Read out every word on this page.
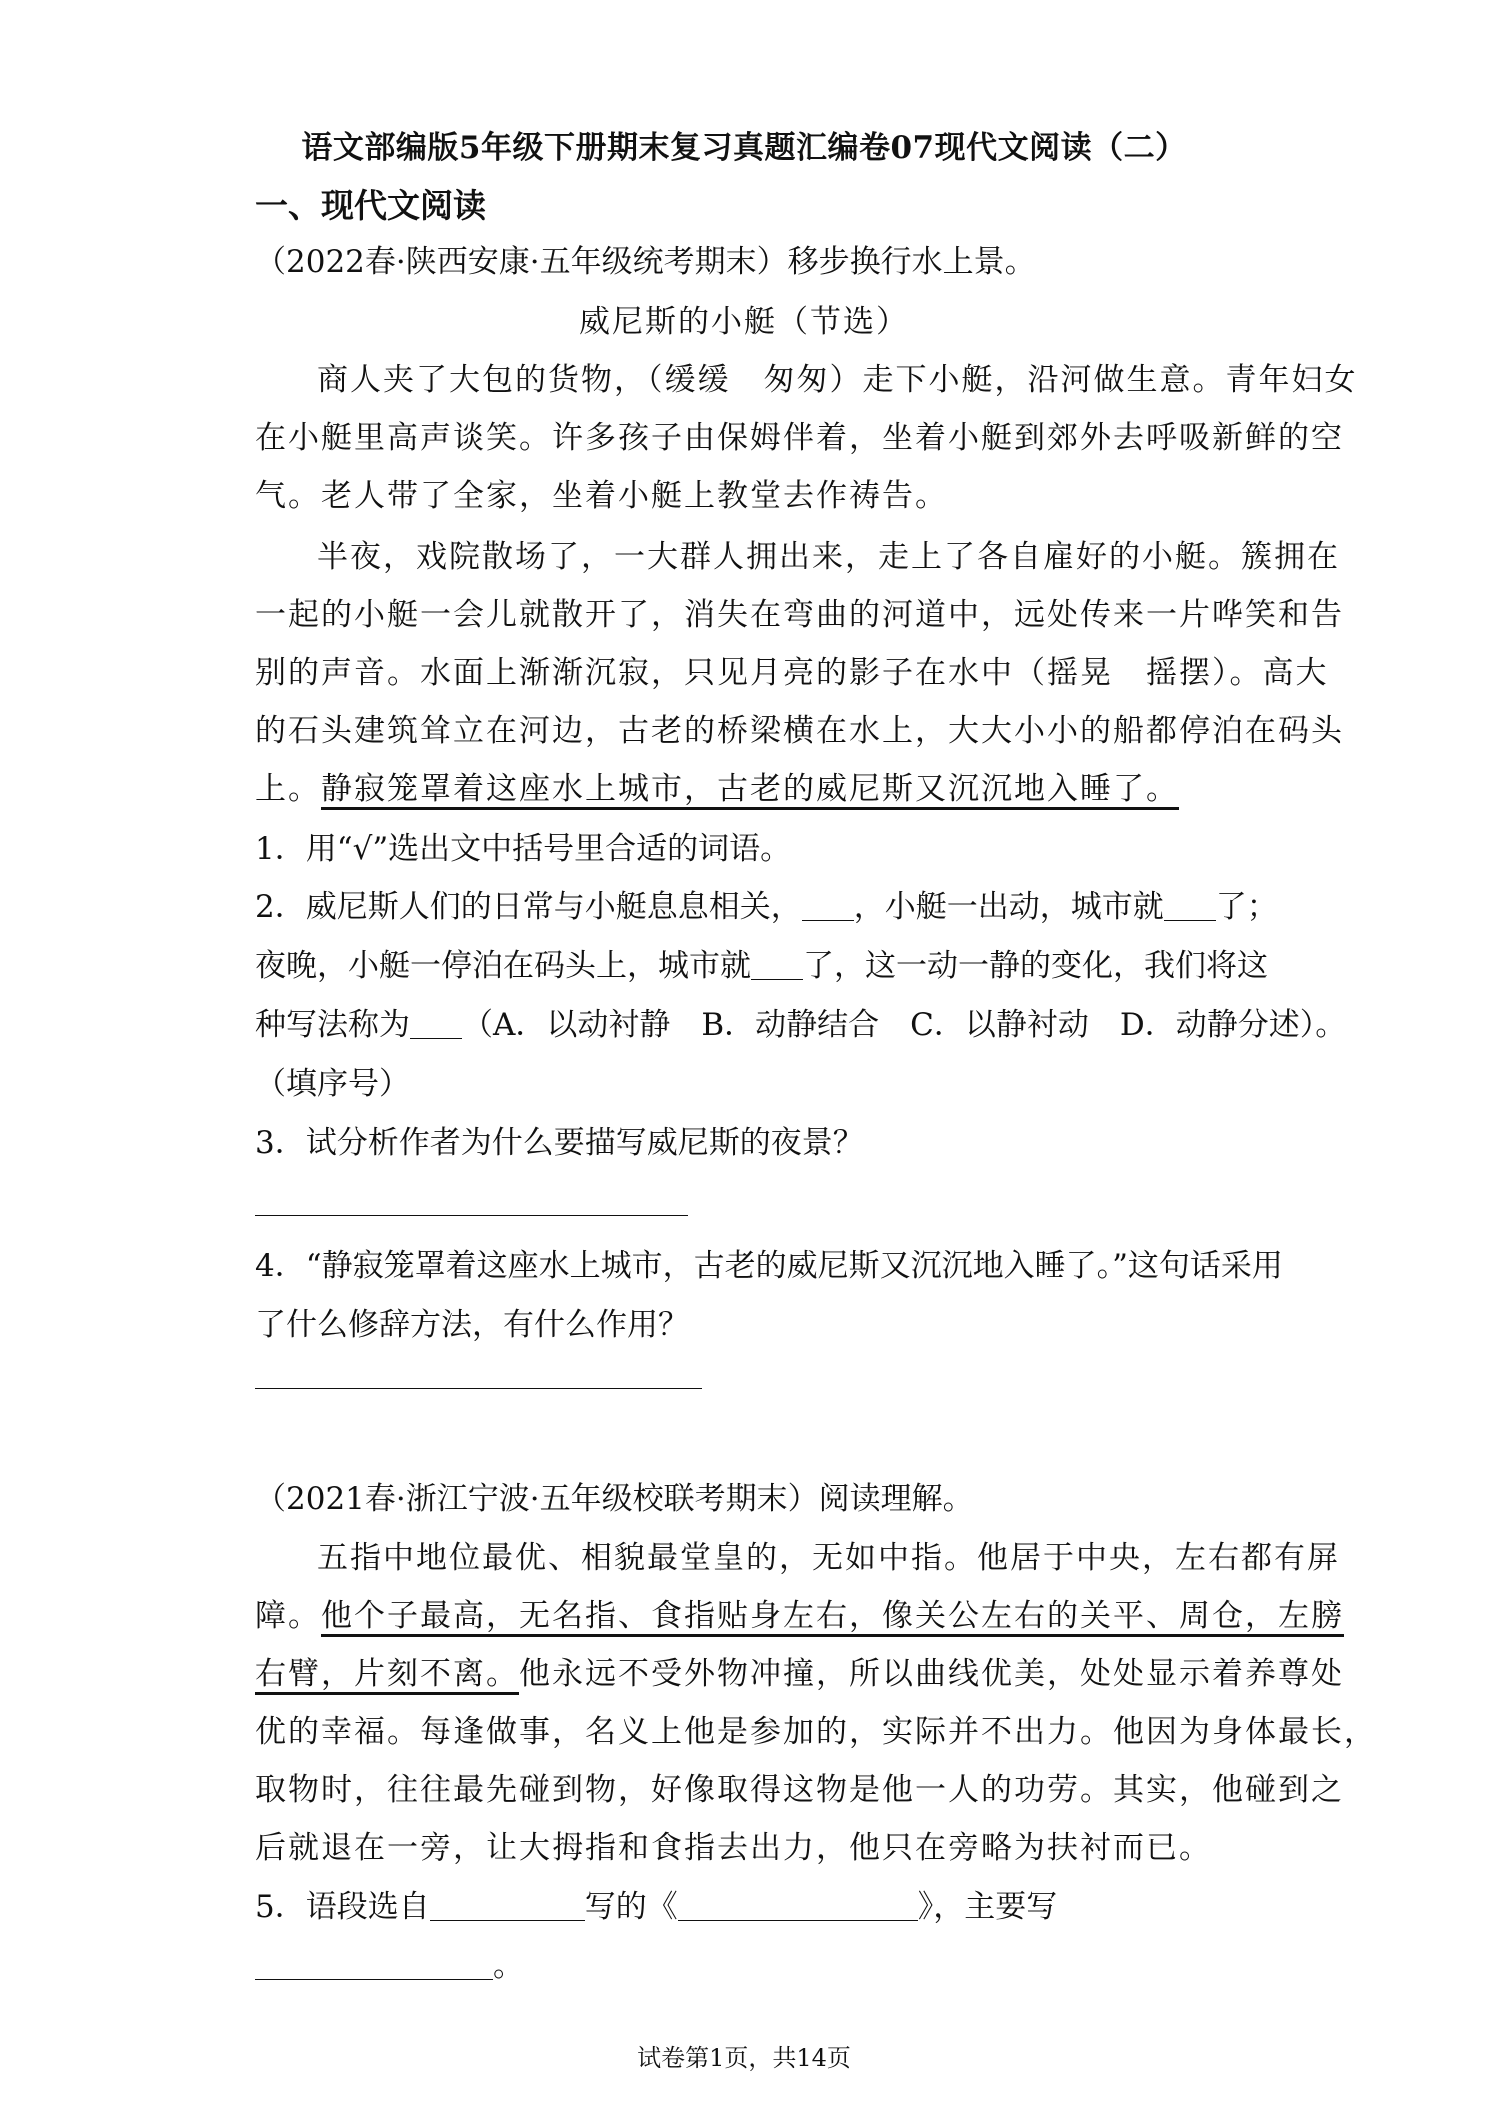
语文部编版5年级下册期末复习真题汇编卷07现代文阅读（二）
一、现代文阅读
（2022春·陕西安康·五年级统考期末）移步换行水上景。
威尼斯的小艇（节选）
商人夹了大包的货物，（缓缓　匆匆）走下小艇，沿河做生意。青年妇女
在小艇里高声谈笑。许多孩子由保姆伴着，坐着小艇到郊外去呼吸新鲜的空
气。老人带了全家，坐着小艇上教堂去作祷告。
半夜，戏院散场了，一大群人拥出来，走上了各自雇好的小艇。簇拥在
一起的小艇一会儿就散开了，消失在弯曲的河道中，远处传来一片哗笑和告
别的声音。水面上渐渐沉寂，只见月亮的影子在水中（摇晃　摇摆）。高大
的石头建筑耸立在河边，古老的桥梁横在水上，大大小小的船都停泊在码头
上。静寂笼罩着这座水上城市，古老的威尼斯又沉沉地入睡了。
1．用“√”选出文中括号里合适的词语。
2．威尼斯人们的日常与小艇息息相关， ，小艇一出动，城市就 了；
夜晚，小艇一停泊在码头上，城市就 了，这一动一静的变化，我们将这
种写法称为 （A．以动衬静　B．动静结合　C．以静衬动　D．动静分述）。
（填序号）
3．试分析作者为什么要描写威尼斯的夜景？
4．“静寂笼罩着这座水上城市，古老的威尼斯又沉沉地入睡了。”这句话采用
了什么修辞方法，有什么作用？
（2021春·浙江宁波·五年级校联考期末）阅读理解。
五指中地位最优、相貌最堂皇的，无如中指。他居于中央，左右都有屏
障。他个子最高，无名指、食指贴身左右，像关公左右的关平、周仓，左膀
右臂，片刻不离。他永远不受外物冲撞，所以曲线优美，处处显示着养尊处
优的幸福。每逢做事，名义上他是参加的，实际并不出力。他因为身体最长，
取物时，往往最先碰到物，好像取得这物是他一人的功劳。其实，他碰到之
后就退在一旁，让大拇指和食指去出力，他只在旁略为扶衬而已。
5．语段选自	写的《	》，主要写
。
试卷第1页，共14页
